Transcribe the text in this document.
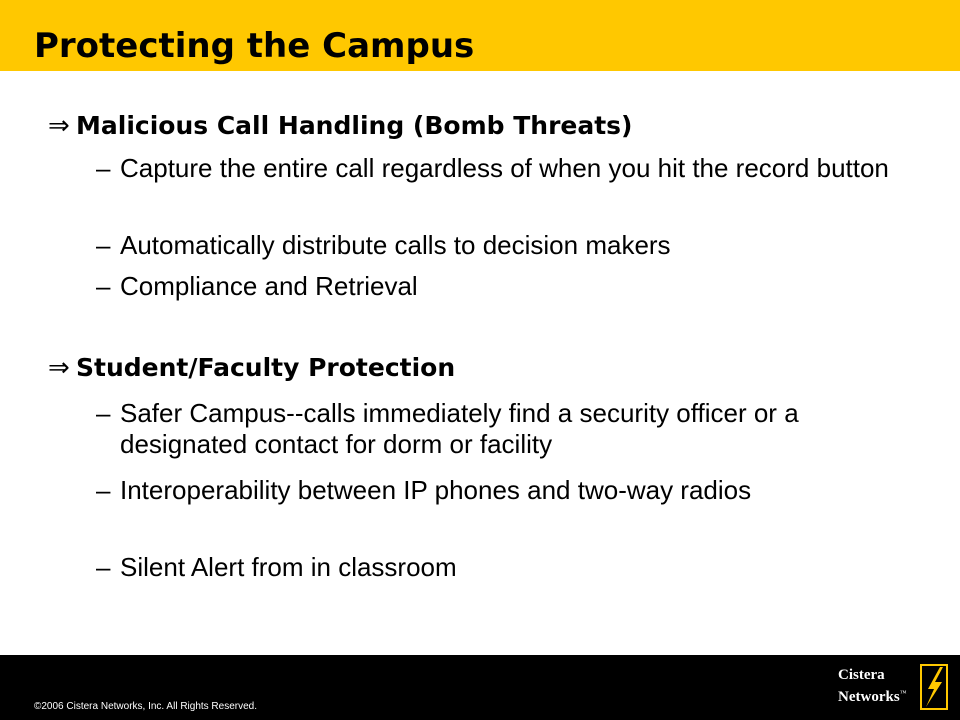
Protecting the Campus
⇒ Malicious Call Handling (Bomb Threats)
– Capture the entire call regardless of when you hit the record button
– Automatically distribute calls to decision makers
– Compliance and Retrieval
⇒ Student/Faculty Protection
– Safer Campus--calls immediately find a security officer or a designated contact for dorm or facility
– Interoperability between IP phones and two-way radios
– Silent Alert from in classroom
©2006 Cistera Networks, Inc. All Rights Reserved.
Cistera
Networks™
